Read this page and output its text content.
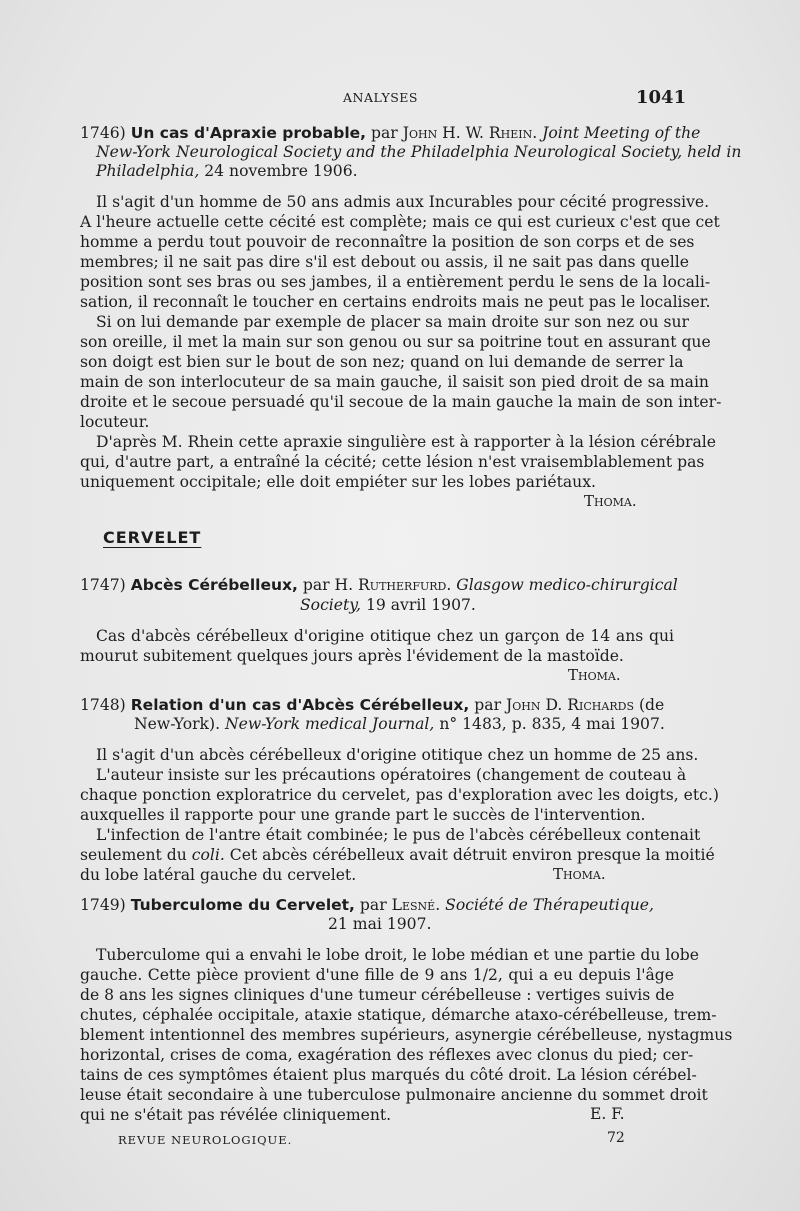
ANALYSES	1041
1746) Un cas d'Apraxie probable, par John H. W. Rhein. Joint Meeting of the
New-York Neurological Society and the Philadelphia Neurological Society, held in
Philadelphia, 24 novembre 1906.
Il s'agit d'un homme de 50 ans admis aux Incurables pour cécité progressive.
A l'heure actuelle cette cécité est complète; mais ce qui est curieux c'est que cet
homme a perdu tout pouvoir de reconnaître la position de son corps et de ses
membres; il ne sait pas dire s'il est debout ou assis, il ne sait pas dans quelle
position sont ses bras ou ses jambes, il a entièrement perdu le sens de la locali-
sation, il reconnaît le toucher en certains endroits mais ne peut pas le localiser.
Si on lui demande par exemple de placer sa main droite sur son nez ou sur
son oreille, il met la main sur son genou ou sur sa poitrine tout en assurant que
son doigt est bien sur le bout de son nez; quand on lui demande de serrer la
main de son interlocuteur de sa main gauche, il saisit son pied droit de sa main
droite et le secoue persuadé qu'il secoue de la main gauche la main de son inter-
locuteur.
D'après M. Rhein cette apraxie singulière est à rapporter à la lésion cérébrale
qui, d'autre part, a entraîné la cécité; cette lésion n'est vraisemblablement pas
uniquement occipitale; elle doit empiéter sur les lobes pariétaux.
Thoma.
CERVELET
1747) Abcès Cérébelleux, par H. Rutherfurd. Glasgow medico-chirurgical
Society, 19 avril 1907.
Cas d'abcès cérébelleux d'origine otitique chez un garçon de 14 ans qui
mourut subitement quelques jours après l'évidement de la mastoïde.
Thoma.
1748) Relation d'un cas d'Abcès Cérébelleux, par John D. Richards (de
New-York). New-York medical Journal, n° 1483, p. 835, 4 mai 1907.
Il s'agit d'un abcès cérébelleux d'origine otitique chez un homme de 25 ans.
L'auteur insiste sur les précautions opératoires (changement de couteau à
chaque ponction exploratrice du cervelet, pas d'exploration avec les doigts, etc.)
auxquelles il rapporte pour une grande part le succès de l'intervention.
L'infection de l'antre était combinée; le pus de l'abcès cérébelleux contenait
seulement du coli. Cet abcès cérébelleux avait détruit environ presque la moitié
du lobe latéral gauche du cervelet.	Thoma.
1749) Tuberculome du Cervelet, par Lesné. Société de Thérapeutique,
21 mai 1907.
Tuberculome qui a envahi le lobe droit, le lobe médian et une partie du lobe
gauche. Cette pièce provient d'une fille de 9 ans 1/2, qui a eu depuis l'âge
de 8 ans les signes cliniques d'une tumeur cérébelleuse : vertiges suivis de
chutes, céphalée occipitale, ataxie statique, démarche ataxo-cérébelleuse, trem-
blement intentionnel des membres supérieurs, asynergie cérébelleuse, nystagmus
horizontal, crises de coma, exagération des réflexes avec clonus du pied; cer-
tains de ces symptômes étaient plus marqués du côté droit. La lésion cérébel-
leuse était secondaire à une tuberculose pulmonaire ancienne du sommet droit
qui ne s'était pas révélée cliniquement.	E. F.
REVUE NEUROLOGIQUE.	72
